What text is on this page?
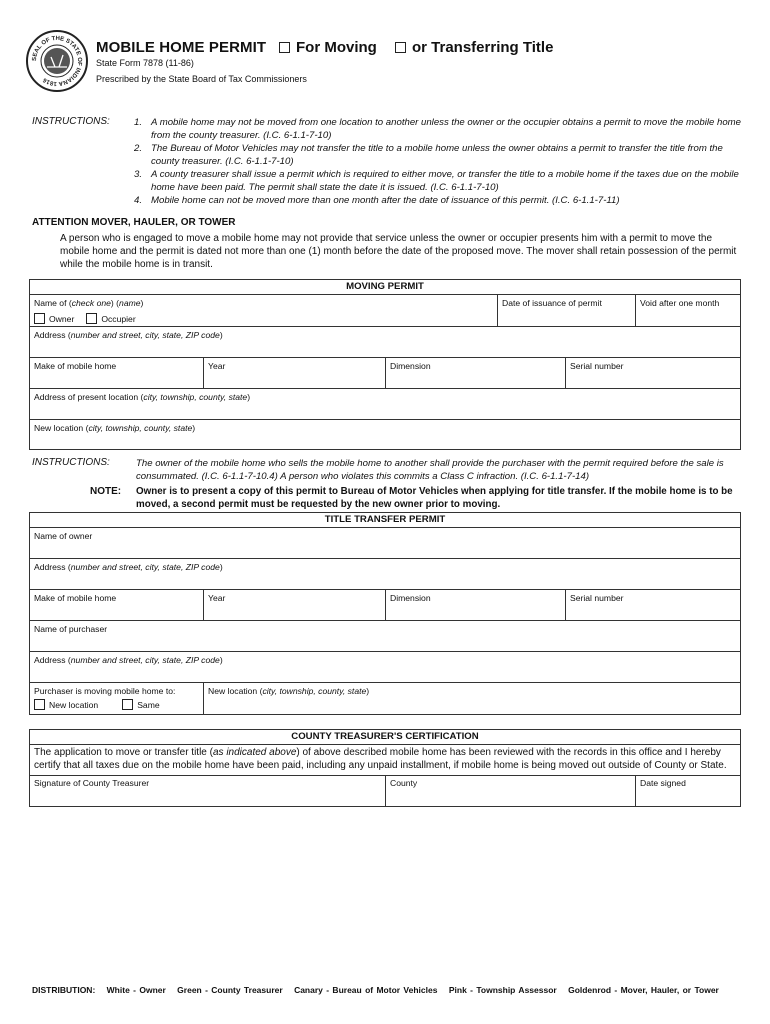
SEAL OF THE STATE OF INDIANA 1816
MOBILE HOME PERMIT For Moving or Transferring Title
State Form 7878 (11-86)
Prescribed by the State Board of Tax Commissioners
INSTRUCTIONS:	1. A mobile home may not be moved from one location to another unless the owner or the occupier obtains a permit to move the mobile home from the county treasurer. (I.C. 6-1.1-7-10)
2. The Bureau of Motor Vehicles may not transfer the title to a mobile home unless the owner obtains a permit to transfer the title from the county treasurer. (I.C. 6-1.1-7-10)
3. A county treasurer shall issue a permit which is required to either move, or transfer the title to a mobile home if the taxes due on the mobile home have been paid. The permit shall state the date it is issued. (I.C. 6-1.1-7-10)
4. Mobile home can not be moved more than one month after the date of issuance of this permit. (I.C. 6-1.1-7-11)
ATTENTION MOVER, HAULER, OR TOWER
A person who is engaged to move a mobile home may not provide that service unless the owner or occupier presents him with a permit to move the mobile home and the permit is dated not more than one (1) month before the date of the proposed move. The mover shall retain possession of the permit while the mobile home is in transit.
MOVING PERMIT
Name of (check one) (name)
Owner	Occupier
Date of issuance of permit	Void after one month
Address (number and street, city, state, ZIP code)
Make of mobile home	Year	Dimension	Serial number
Address of present location (city, township, county, state)
New location (city, township, county, state)
INSTRUCTIONS:	The owner of the mobile home who sells the mobile home to another shall provide the purchaser with the permit required before the sale is consummated. (I.C. 6-1.1-7-10.4) A person who violates this commits a Class C infraction. (I.C. 6-1.1-7-14)
NOTE: Owner is to present a copy of this permit to Bureau of Motor Vehicles when applying for title transfer. If the mobile home is to be moved, a second permit must be requested by the new owner prior to moving.
TITLE TRANSFER PERMIT
Name of owner
Address (number and street, city, state, ZIP code)
Make of mobile home	Year	Dimension	Serial number
Name of purchaser
Address (number and street, city, state, ZIP code)
Purchaser is moving mobile home to:
New location	Same
New location (city, township, county, state)
COUNTY TREASURER'S CERTIFICATION
The application to move or transfer title (as indicated above) of above described mobile home has been reviewed with the records in this office and I hereby certify that all taxes due on the mobile home have been paid, including any unpaid installment, if mobile home is being moved out outside of County or State.
Signature of County Treasurer	County	Date signed
DISTRIBUTION: White - Owner Green - County Treasurer Canary - Bureau of Motor Vehicles Pink - Township Assessor Goldenrod - Mover, Hauler, or Tower
